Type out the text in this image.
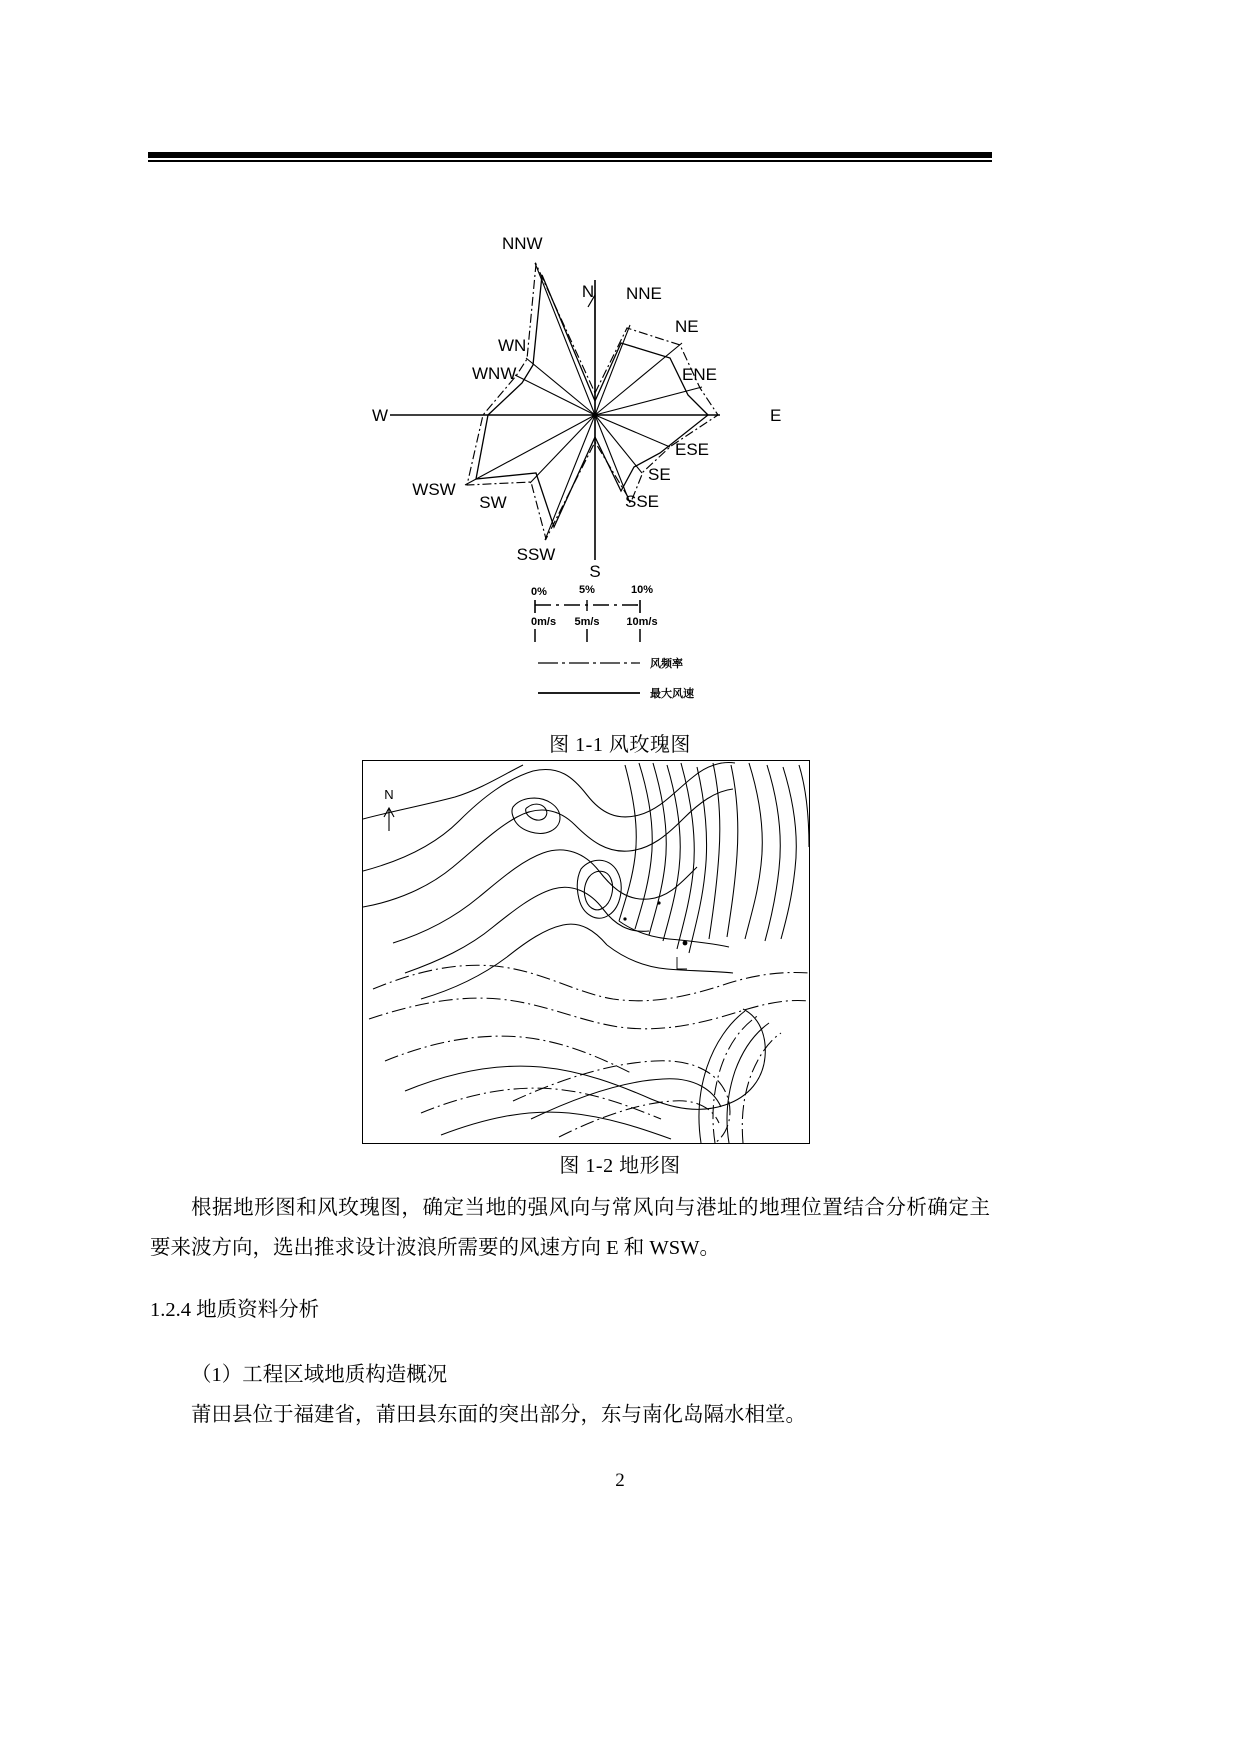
NNW
N NNE
NE
ENE
E
ESE
SE
SSE
S
SSW
SW
WSW
W
WNW
WN
0%	5%	10%
0m/s 5m/s 10m/s
风频率
最大风速
图 1-1 风玫瑰图
N
图 1-2 地形图
根据地形图和风玫瑰图，确定当地的强风向与常风向与港址的地理位置结合分析确定主要来波方向，选出推求设计波浪所需要的风速方向 E 和 WSW。
1.2.4 地质资料分析
（1）工程区域地质构造概况
莆田县位于福建省，莆田县东面的突出部分，东与南化岛隔水相堂。
2
